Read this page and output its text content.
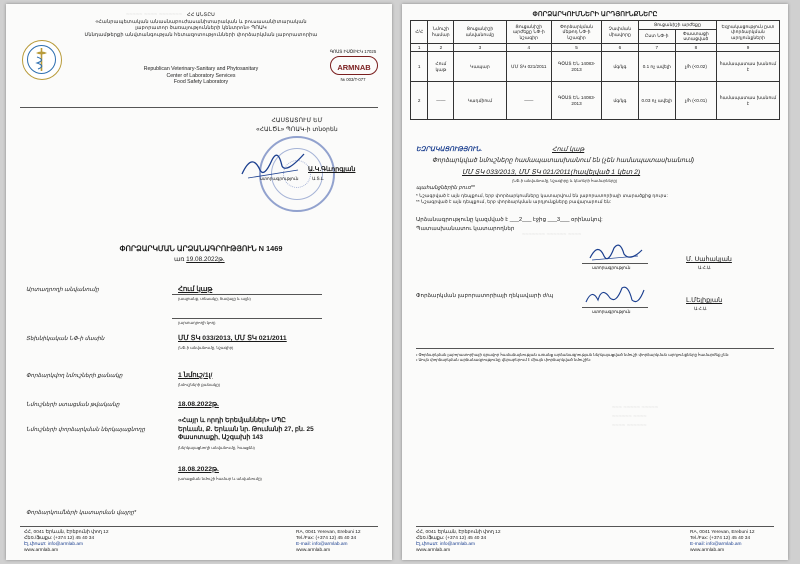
≈≈≈≈≈ ≈≈≈≈ ≈≈≈≈≈≈≈ ՀՀ ԱՆՏԸՍ
«Հանրապետական անասնաբուժասանիտարական և բուսասանիտարական
լաբորատոր ծառայությունների կենտրոն» ՊՈԱԿ
Սննդամթերքի անվտանգության հետազոտությունների փորձարկման լաբորատորիա
Republican Veterinary-Sanitary and Phytosanitary
Center of Laboratory Services
Food Safety Laboratory
ԳՈՍՏ ԻՍՕ/ԻԷԿ 17025
ARMNAB
№ 003/T-077
ՀԱՍՏԱՏՈՒՄ ԵՄ
«ՀԱԼԾԼ» ՊՈԱԿ-ի տնօրեն
Ա.Կ.Գևորգյան
ստորագրություն	Ա.Տ.Լ.
ՓՈՐՁԱՐԿՄԱՆ ԱՐՁԱՆԱԳՐՈՒԹՅՈՒՆ N 1469
առ 19.08.2022թ.
Արտադրողի անվանումը	Հում կաթ
(ապրանք, տեսակը, ծավալը և այլն)
(արտադրողի կոդ)
Տեխնիկական ՆՓ-ի մասին	ՄՄ ՏԿ 033/2013, ՄՄ ՏԿ 021/2011
(ՆՓ-ի անվանումը, նշագիր)
Փորձարկվող նմուշների քանակը	1 նմուշ/1լ/
(նմուշների քանակը)
Նմուշների ստացման թվականը	18.08.2022թ.
Նմուշների փորձարկման ներկայացնողը
«Հայր և որդի Երեմյաններ» ՍՊԸ
Երևան, Ք. Երևան նր. Թումանի 27, բն. 25
Փասոտաքի, Աշգախի 143
(ներկայացնողի անվանումը, հասցեն)
18.08.2022թ.
(ստացման նմուշի համար և անվանումը)
Փորձարկումների կատարման վայրը*
ՀՀ, 0041 Երևան, Էրեբունի փող 12
Հեռ./Ֆաքս: (+374 12) 45 40 34
Էլ.փոստ: info@armlab.am
www.armlab.am
RA, 0041 Yerevan, Erebuni 12
Tel./Fax: (+374 12) 45 40 34
E-mail: info@armlab.am
www.armlab.am
ՓՈՐՁԱՐԿՈՒՄՆԵՐԻ ԱՐԴՅՈՒՆՔՆԵՐԸ
Հ/Հ	Նմուշի համար	Ցուցանիշի անվանումը	Ցուցանիշի արժեքը ՆՓ-ի նշագիր	Փորձարկման մեթոդ ՆՓ-ի նշագիր	Չափման միավորը	Ցուցանիշի արժեքը		Եզրակացություն ըստ փորձարկման արդյունքների
						Ըստ ՆՓ-ի	Փաստացի ստացված	
1	2	3	4	5	6	7	8	9
1	Հում կաթ	Կապար	ՄՄ ՏԿ 021/2011	ԳՕՍՏ ԵՆ 14083-2013	մգ/կգ	0.1 ոչ ավելի	չ/հ (<0.02)	համապատաս խանում է
2	——	Կադմիում	——	ԳՕՍՏ ԵՆ 14083-2013	մգ/կգ	0.03 ոչ ավելի	չ/հ (<0.01)	համապատաս խանում է
ԵԶՐԱԿԱՑՈՒԹՅՈՒՆ.	Հում կաթ
Փորձարկված նմուշները համապատասխանում են (չեն համապատասխանում)
ՄՄ ՏԿ 033/2013, ՄՄ ՏԿ 021/2011(հավելված 1 կետ 2)
(ՆՓ-ի անվանումը, նշագիրը և կետերի համարները)
պահանջներին բուռ**
* Նշագրված է այն դեպքում, երբ փորձարկումները կատարվում են լաբորատորիայի տարածքից դուրս:
** Նշագրված է այն դեպքում, երբ փորձարկման արդյունքները բավարարում են:
Արձանագրությունը կազմված է ___2___ էջից ___3___ օրինակով:
Պատասխանատու կատարողներ
≈≈≈≈≈≈≈ ≈≈≈≈≈≈ ≈≈≈≈
ստորագրություն
Մ. Սահակյան
Ա.Հ.Ա.
Փորձարկման լաբորատորիայի ղեկավարի ժ/պ
ստորագրություն
Լ.Մելիքյան
Ա.Հ.Ա.
• Փորձարկման լաբորատորիայի գրավոր համաձայնության առանց արձանագրության ներկայացված նմուշի փորձարկման արդյունքները համարժեք չեն:
• Սույն փորձարկման արձանագրությունը վերաբերում է միայն փորձարկված նմուշին:
≈≈≈ ≈≈≈≈≈ ≈≈≈≈≈
≈≈≈≈≈≈ ≈≈≈≈
≈≈≈≈ ≈≈≈≈≈≈
ՀՀ, 0041 Երևան, Էրեբունի փող 12
Հեռ./Ֆաքս: (+374 12) 45 40 34
Էլ.փոստ: info@armlab.am
www.armlab.am
RA, 0041 Yerevan, Erebuni 12
Tel./Fax: (+374 12) 45 40 34
E-mail: info@armlab.am
www.armlab.am
